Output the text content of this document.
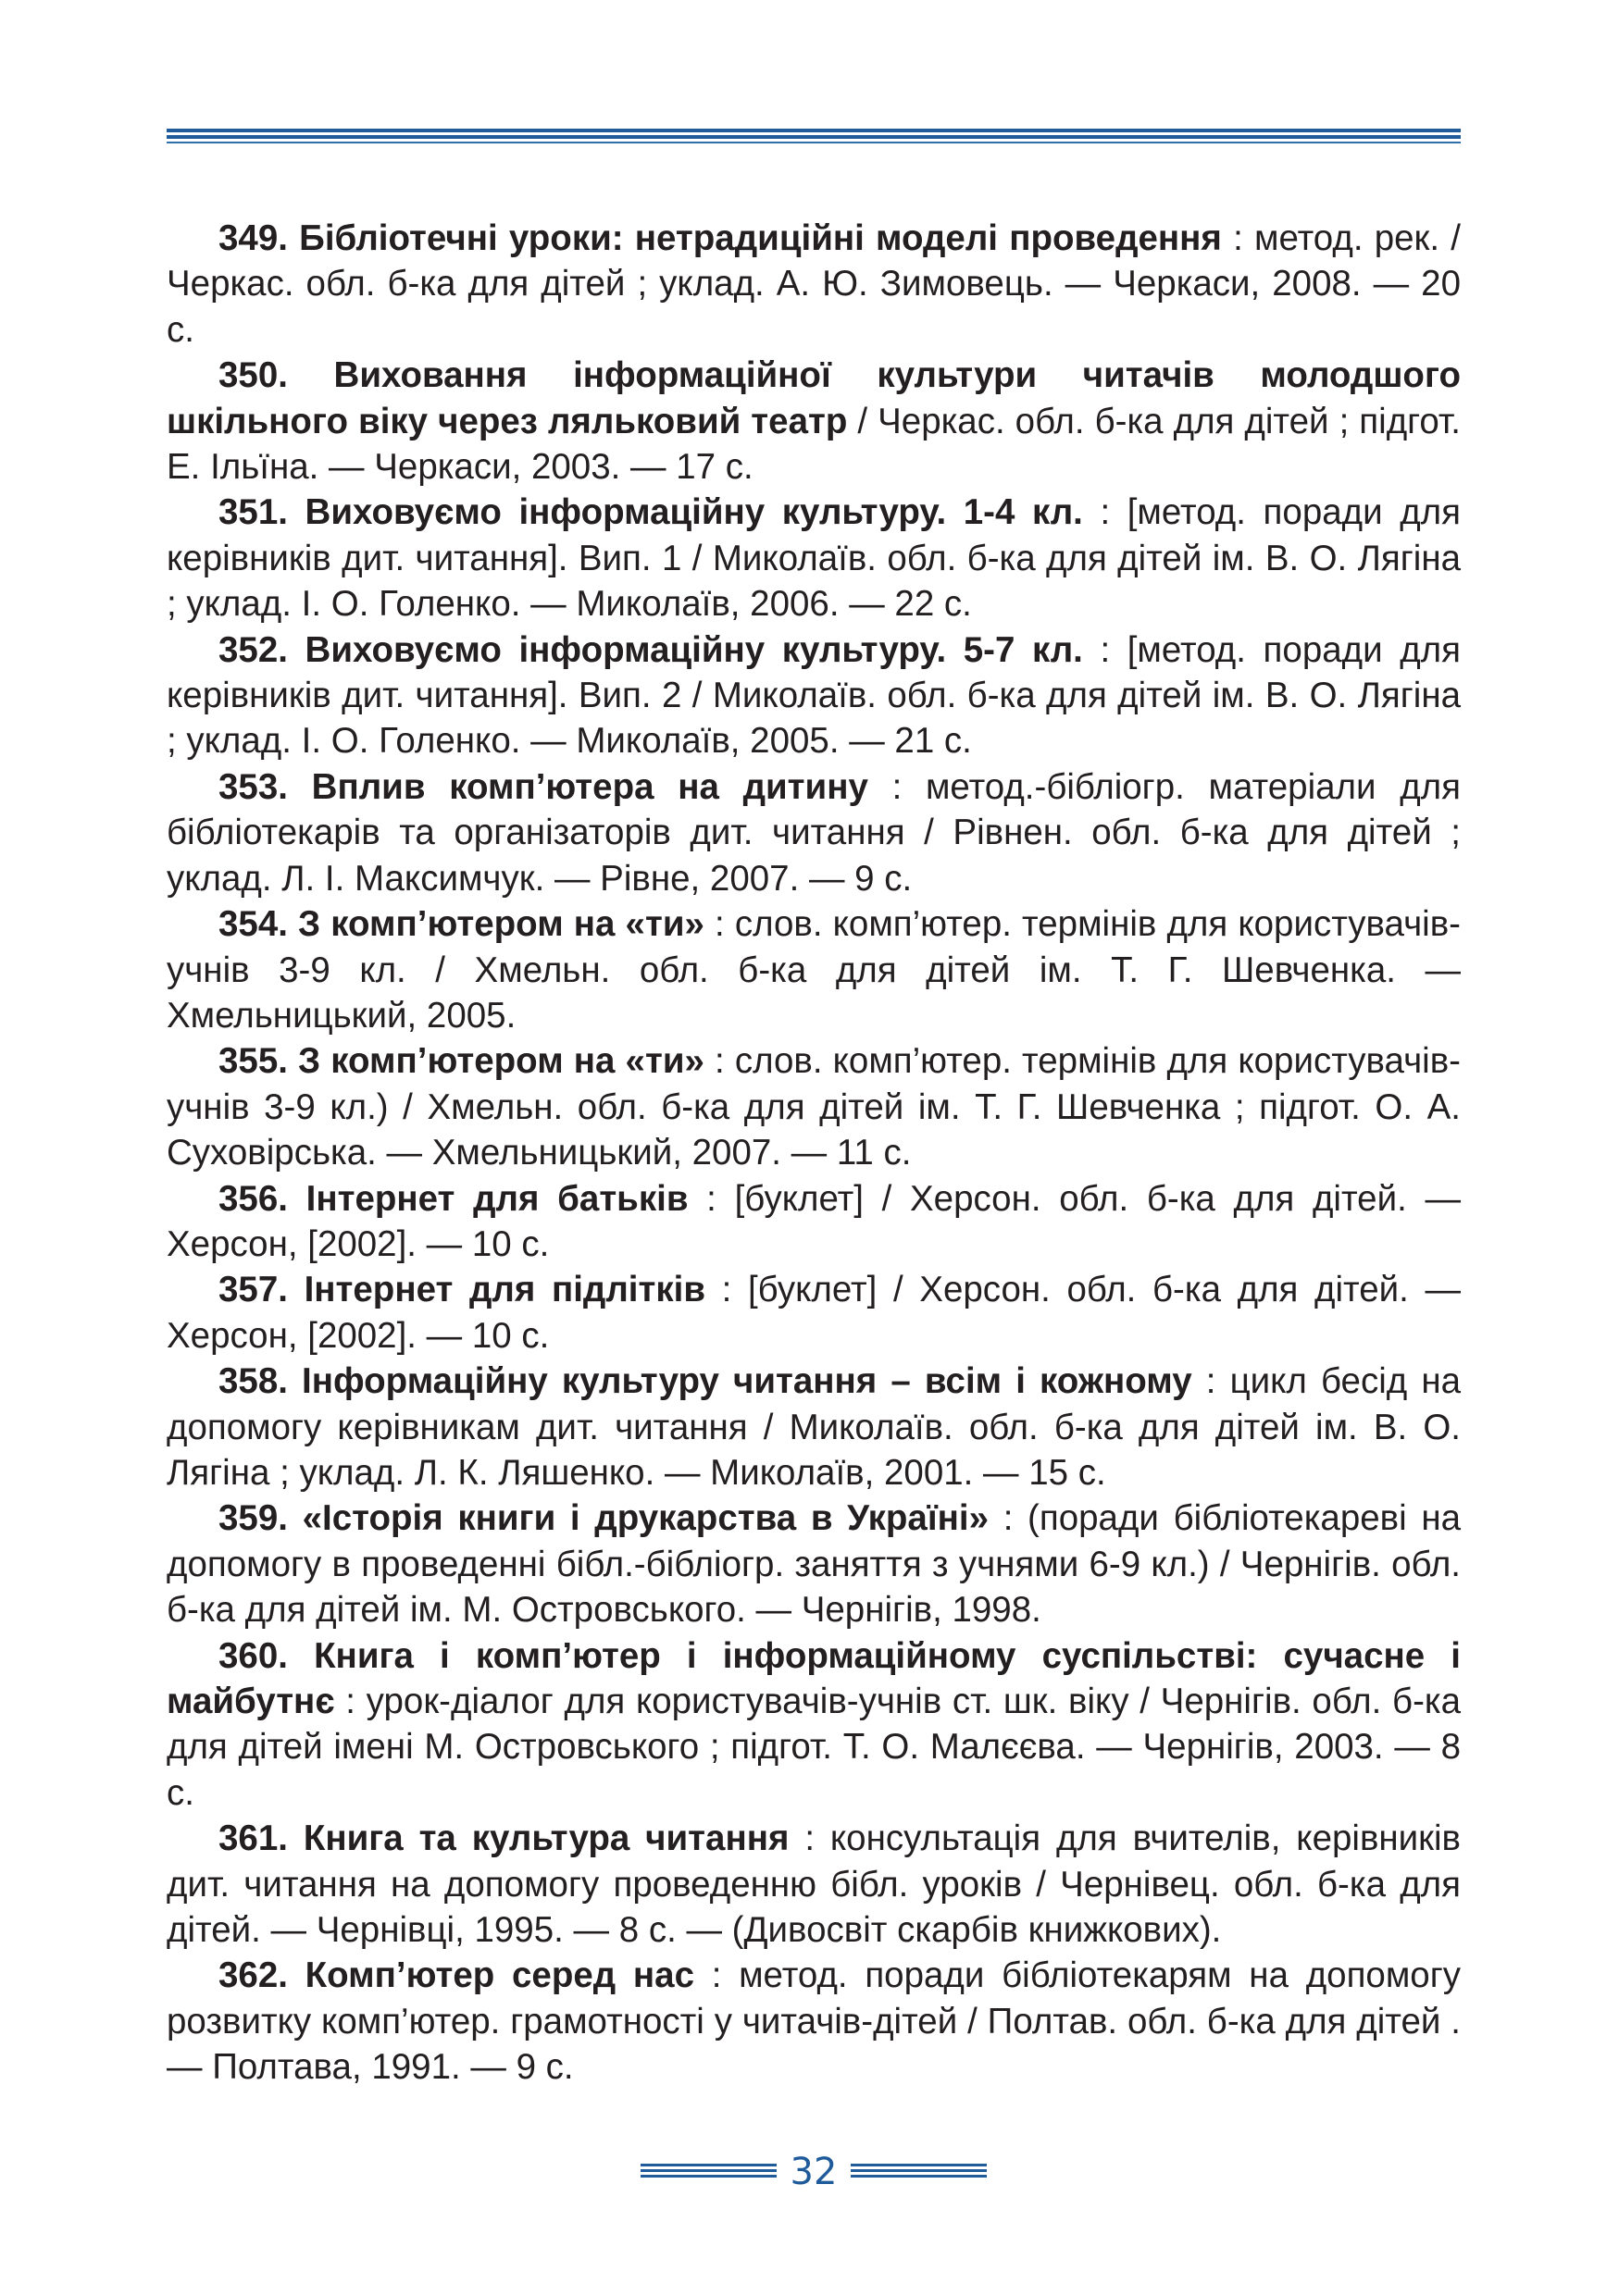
349. Бібліотечні уроки: нетрадиційні моделі проведення : метод. рек. / Черкас. обл. б-ка для дітей ; уклад. А. Ю. Зимовець. — Черкаси, 2008. — 20 с.

350. Виховання інформаційної культури читачів молодшого шкільного віку через ляльковий театр / Черкас. обл. б-ка для дітей ; підгот. Е. Ільїна. — Черкаси, 2003. — 17 с.

351. Виховуємо інформаційну культуру. 1-4 кл. : [метод. поради для керівників дит. читання]. Вип. 1 / Миколаїв. обл. б-ка для дітей ім. В. О. Лягіна ; уклад. І. О. Голенко. — Миколаїв, 2006. — 22 с.

352. Виховуємо інформаційну культуру. 5-7 кл. : [метод. поради для керівників дит. читання]. Вип. 2 / Миколаїв. обл. б-ка для дітей ім. В. О. Лягіна ; уклад. І. О. Голенко. — Миколаїв, 2005. — 21 с.

353. Вплив комп’ютера на дитину : метод.-бібліогр. матеріали для бібліотекарів та організаторів дит. читання / Рівнен. обл. б-ка для дітей ; уклад. Л. І. Максимчук. — Рівне, 2007. — 9 с.

354. З комп’ютером на «ти» : слов. комп’ютер. термінів для користувачів-учнів 3-9 кл. / Хмельн. обл. б-ка для дітей ім. Т. Г. Шевченка. — Хмельницький, 2005.

355. З комп’ютером на «ти» : слов. комп’ютер. термінів для користувачів-учнів 3-9 кл.) / Хмельн. обл. б-ка для дітей ім. Т. Г. Шевченка ; підгот. О. А. Суховірська. — Хмельницький, 2007. — 11 с.

356. Інтернет для батьків : [буклет] / Херсон. обл. б-ка для дітей. — Херсон, [2002]. — 10 с.

357. Інтернет для підлітків : [буклет] / Херсон. обл. б-ка для дітей. — Херсон, [2002]. — 10 с.

358. Інформаційну культуру читання – всім і кожному : цикл бесід на допомогу керівникам дит. читання / Миколаїв. обл. б-ка для дітей ім. В. О. Лягіна ; уклад. Л. К. Ляшенко. — Миколаїв, 2001. — 15 с.

359. «Історія книги і друкарства в Україні» : (поради бібліотекареві на допомогу в проведенні бібл.-бібліогр. заняття з учнями 6-9 кл.) / Чернігів. обл. б-ка для дітей ім. М. Островського. — Чернігів, 1998.

360. Книга і комп’ютер і інформаційному суспільстві: сучасне і майбутнє : урок-діалог для користувачів-учнів ст. шк. віку / Чернігів. обл. б-ка для дітей імені М. Островського ; підгот. Т. О. Малєєва. — Чернігів, 2003. — 8 с.

361. Книга та культура читання : консультація для вчителів, керівників дит. читання на допомогу проведенню бібл. уроків / Чернівец. обл. б-ка для дітей. — Чернівці, 1995. — 8 с. — (Дивосвіт скарбів книжкових).

362. Комп’ютер серед нас : метод. поради бібліотекарям на допомогу розвитку комп’ютер. грамотності у читачів-дітей / Полтав. обл. б-ка для дітей . — Полтава, 1991. — 9 с.

32
